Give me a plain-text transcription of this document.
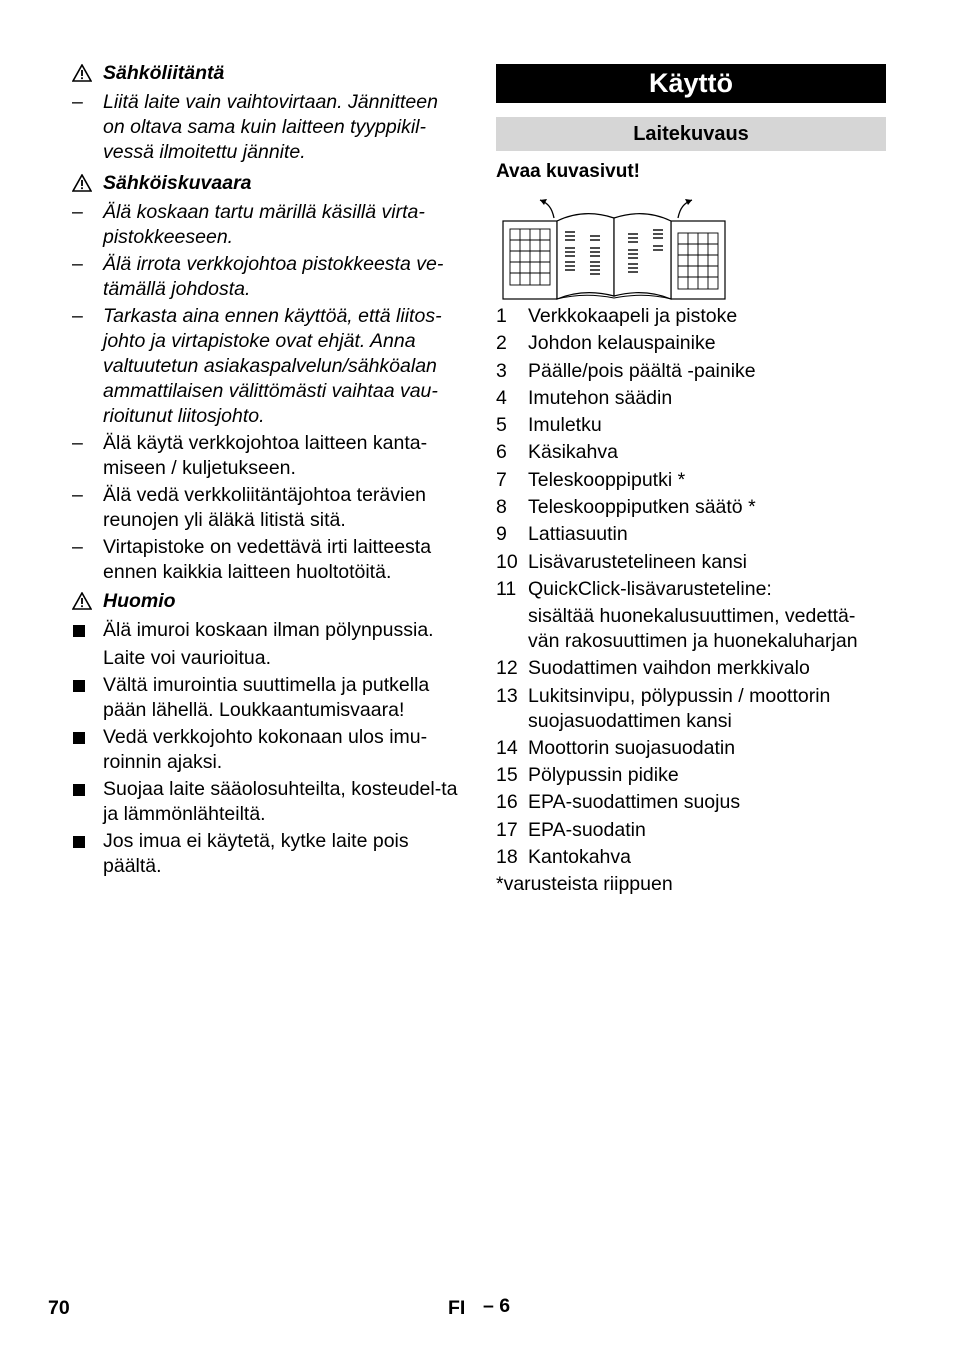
Sähköliitäntä
–	Liitä laite vain vaihtovirtaan. Jännitteen on oltava sama kuin laitteen tyyppikil-vessä ilmoitettu jännite.
Sähköiskuvaara
–	Älä koskaan tartu märillä käsillä virta-pistokkeeseen.
–	Älä irrota verkkojohtoa pistokkeesta ve-tämällä johdosta.
–	Tarkasta aina ennen käyttöä, että liitos-johto ja virtapistoke ovat ehjät. Anna valtuutetun asiakaspalvelun/sähköalan ammattilaisen välittömästi vaihtaa vau-rioitunut liitosjohto.
–	Älä käytä verkkojohtoa laitteen kanta-miseen / kuljetukseen.
–	Älä vedä verkkoliitäntäjohtoa terävien reunojen yli äläkä litistä sitä.
–	Virtapistoke on vedettävä irti laitteesta ennen kaikkia laitteen huoltotöitä.
Huomio
Älä imuroi koskaan ilman pölynpussia.
Laite voi vaurioitua.
Vältä imurointia suuttimella ja putkella pään lähellä. Loukkaantumisvaara!
Vedä verkkojohto kokonaan ulos imu-roinnin ajaksi.
Suojaa laite sääolosuhteilta, kosteudel-ta ja lämmönlähteiltä.
Jos imua ei käytetä, kytke laite pois päältä.
Käyttö
Laitekuvaus
Avaa kuvasivut!
1 Verkkokaapeli ja pistoke
2 Johdon kelauspainike
3 Päälle/pois päältä -painike
4 Imutehon säädin
5 Imuletku
6 Käsikahva
7 Teleskooppiputki *
8 Teleskooppiputken säätö *
9 Lattiasuutin
10 Lisävarustetelineen kansi
11 QuickClick-lisävarusteteline:
sisältää huonekalusuuttimen, vedettä-vän rakosuuttimen ja huonekaluharjan
12 Suodattimen vaihdon merkkivalo
13 Lukitsinvipu, pölypussin / moottorin suojasuodattimen kansi
14 Moottorin suojasuodatin
15 Pölypussin pidike
16 EPA-suodattimen suojus
17 EPA-suodatin
18 Kantokahva
*varusteista riippuen
70	FI – 6
